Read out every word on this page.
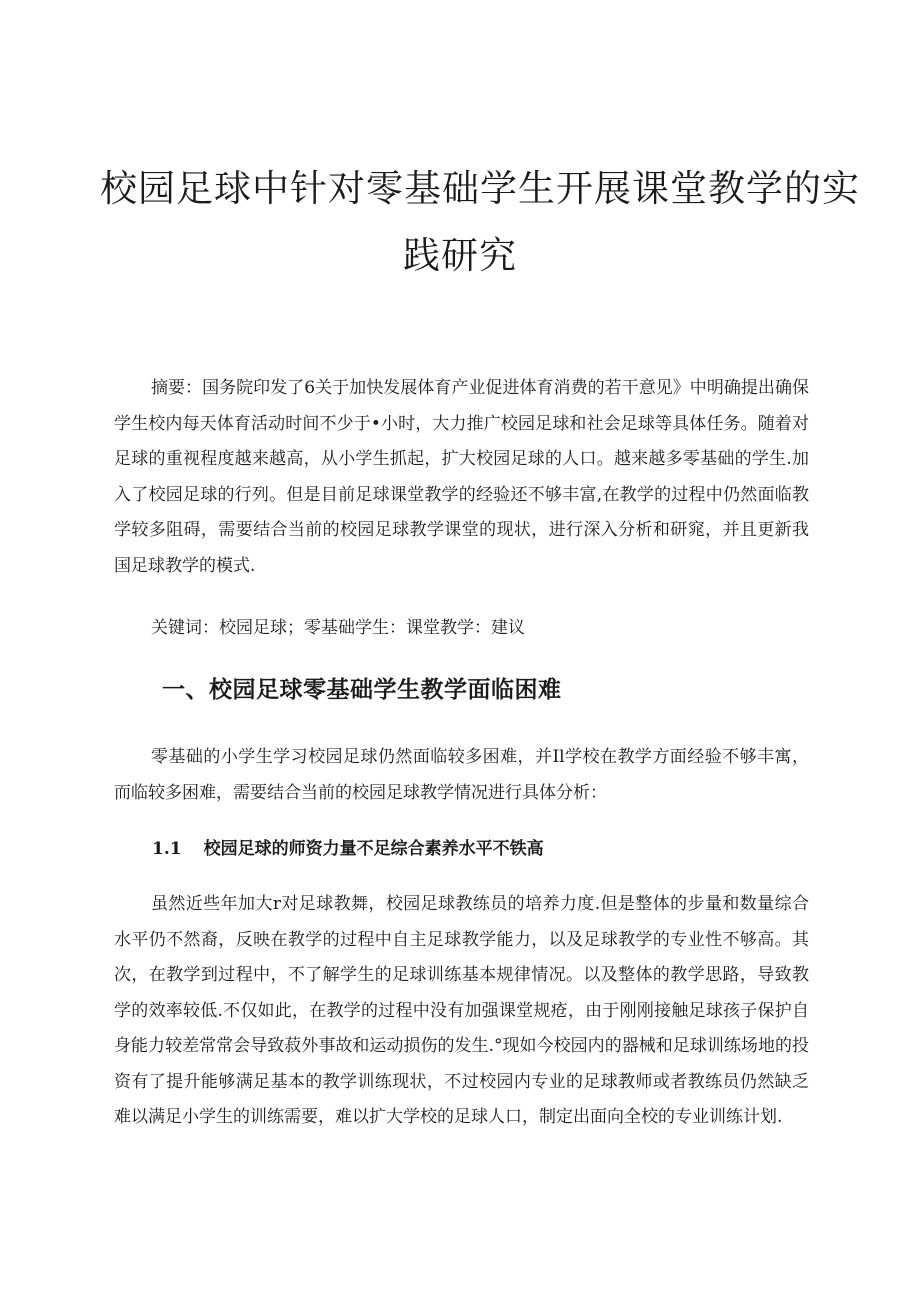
校园足球中针对零基础学生开展课堂教学的实
践研究

摘要：国务院印发了6关于加快发展体育产业促进体育消费的若干意见》中明确提出确保学生校内每天体育活动时间不少于•小时，大力推广校园足球和社会足球等具体任务。随着对足球的重视程度越来越高，从小学生抓起，扩大校园足球的人口。越来越多零基础的学生.加入了校园足球的行列。但是目前足球课堂教学的经验还不够丰富,在教学的过程中仍然面临教学较多阻碍，需要结合当前的校园足球教学课堂的现状，进行深入分析和研窕，并且更新我国足球教学的模式.

关键词：校园足球；零基础学生：课堂教学：建议

一、校园足球零基础学生教学面临困难

零基础的小学生学习校园足球仍然面临较多困难，并Il学校在教学方面经验不够丰寓，而临较多困难，需要结合当前的校园足球教学情况进行具体分析：

1.1 校园足球的师资力量不足综合素养水平不铁高

虽然近些年加大r对足球教舞，校园足球教练员的培养力度.但是整体的步量和数量综合水平仍不然裔，反映在教学的过程中自主足球教学能力，以及足球教学的专业性不够高。其次，在教学到过程中，不了解学生的足球训练基本规律情况。以及整体的教学思路，导致教学的效率较低.不仅如此，在教学的过程中没有加强课堂规疮，由于刚刚接触足球孩子保护自身能力较差常常会导致菽外事故和运动损伤的发生.°现如今校园内的器械和足球训练场地的投资有了提升能够满足基本的教学训练现状，不过校园内专业的足球教师或者教练员仍然缺乏难以满足小学生的训练需要，难以扩大学校的足球人口，制定出面向全校的专业训练计划.
